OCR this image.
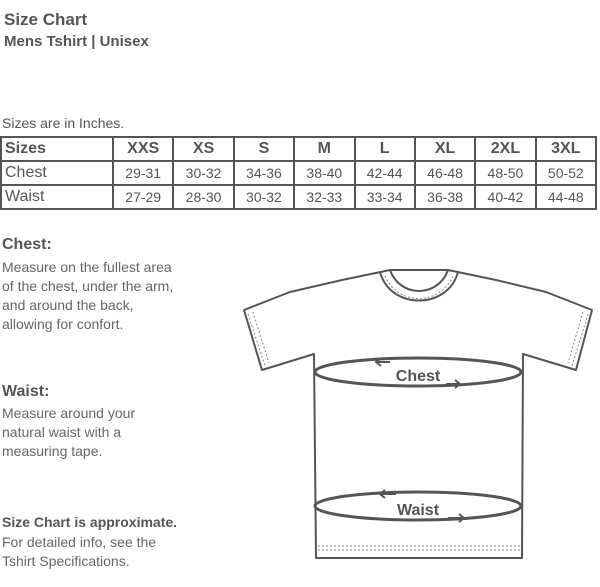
Size Chart
Mens Tshirt | Unisex
Sizes are in Inches.
Sizes	XXS	XS	S	M	L	XL	2XL	3XL
Chest	29-31	30-32	34-36	38-40	42-44	46-48	48-50	50-52
Waist	27-29	28-30	30-32	32-33	33-34	36-38	40-42	44-48
Chest:
Measure on the fullest area
of the chest, under the arm,
and around the back,
allowing for confort.
Waist:
Measure around your
natural waist with a
measuring tape.
Size Chart is approximate.
For detailed info, see the
Tshirt Specifications.
Chest
Waist
